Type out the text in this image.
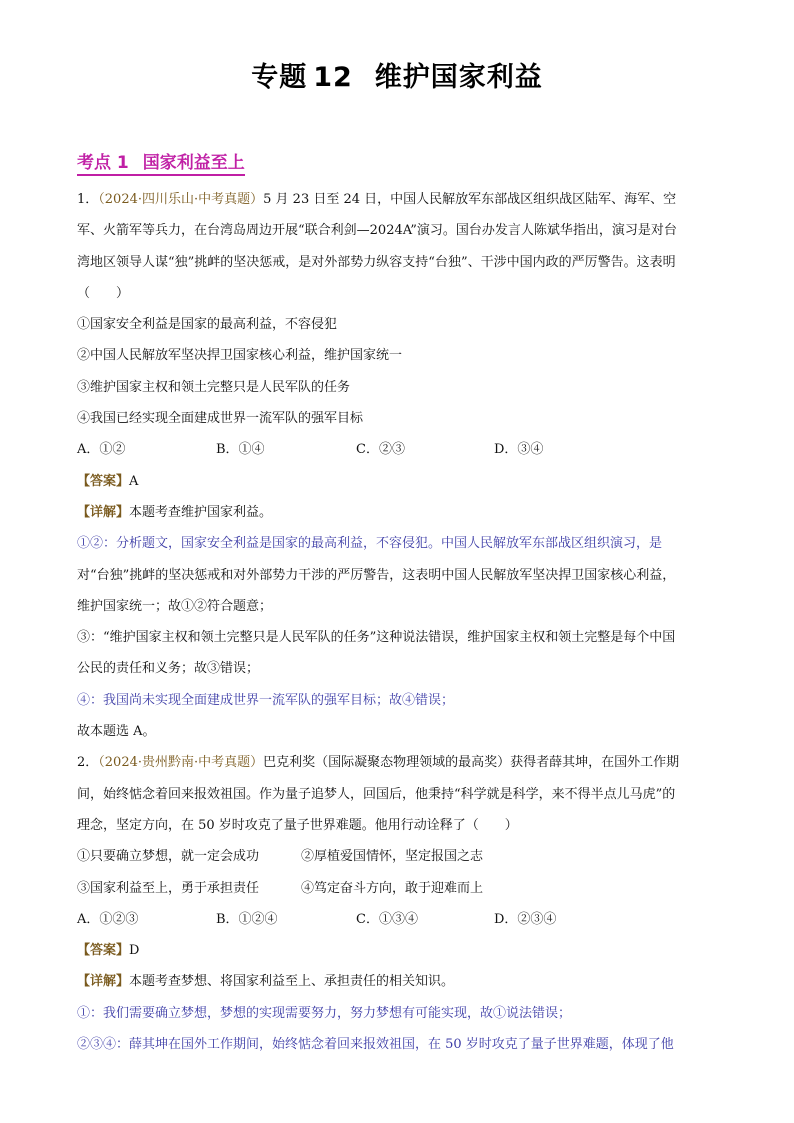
专题 12 维护国家利益
考点 1 国家利益至上

1．（2024·四川乐山·中考真题）5 月 23 日至 24 日，中国人民解放军东部战区组织战区陆军、海军、空

军、火箭军等兵力，在台湾岛周边开展“联合利剑—2024A”演习。国台办发言人陈斌华指出，演习是对台

湾地区领导人谋“独”挑衅的坚决惩戒，是对外部势力纵容支持“台独”、干涉中国内政的严厉警告。这表明

（　　）

①国家安全利益是国家的最高利益，不容侵犯

②中国人民解放军坚决捍卫国家核心利益，维护国家统一

③维护国家主权和领土完整只是人民军队的任务

④我国已经实现全面建成世界一流军队的强军目标

A．①②	B．①④	C．②③	D．③④

【答案】A

【详解】本题考查维护国家利益。

①②：分析题文，国家安全利益是国家的最高利益，不容侵犯。中国人民解放军东部战区组织演习，是

对“台独”挑衅的坚决惩戒和对外部势力干涉的严厉警告，这表明中国人民解放军坚决捍卫国家核心利益，

维护国家统一；故①②符合题意；

③：“维护国家主权和领土完整只是人民军队的任务”这种说法错误，维护国家主权和领土完整是每个中国

公民的责任和义务；故③错误；

④：我国尚未实现全面建成世界一流军队的强军目标；故④错误；

故本题选 A。

2．（2024·贵州黔南·中考真题）巴克利奖（国际凝聚态物理领域的最高奖）获得者薛其坤，在国外工作期

间，始终惦念着回来报效祖国。作为量子追梦人，回国后，他秉持“科学就是科学，来不得半点儿马虎”的

理念，坚定方向，在 50 岁时攻克了量子世界难题。他用行动诠释了（　　）

①只要确立梦想，就一定会成功	②厚植爱国情怀，坚定报国之志

③国家利益至上，勇于承担责任	④笃定奋斗方向，敢于迎难而上

A．①②③	B．①②④	C．①③④	D．②③④

【答案】D

【详解】本题考查梦想、将国家利益至上、承担责任的相关知识。

①：我们需要确立梦想，梦想的实现需要努力，努力梦想有可能实现，故①说法错误；

②③④：薛其坤在国外工作期间，始终惦念着回来报效祖国，在 50 岁时攻克了量子世界难题，体现了他
